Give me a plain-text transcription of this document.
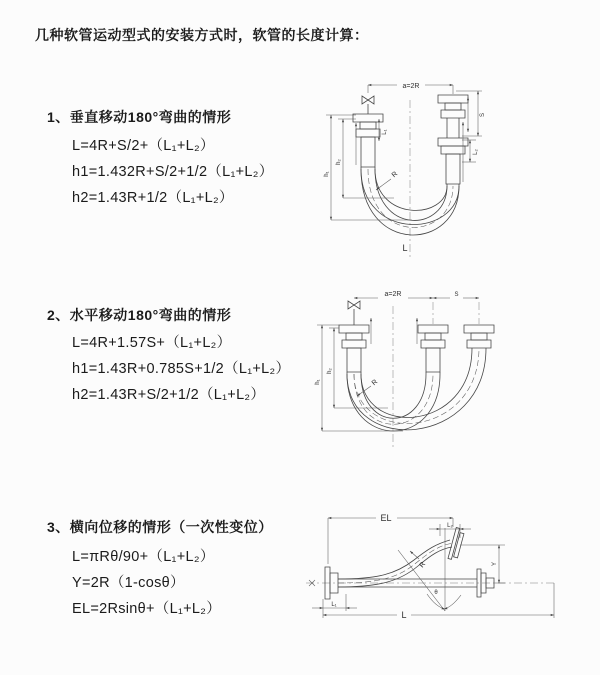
几种软管运动型式的安装方式时，软管的长度计算：
1、垂直移动180°弯曲的情形
L=4R+S/2+（L₁+L₂）
h1=1.432R+S/2+1/2（L₁+L₂）
h2=1.43R+1/2（L₁+L₂）
2、水平移动180°弯曲的情形
L=4R+1.57S+（L₁+L₂）
h1=1.43R+0.785S+1/2（L₁+L₂）
h2=1.43R+S/2+1/2（L₁+L₂）
3、横向位移的情形（一次性变位）
L=πRθ/90+（L₁+L₂）
Y=2R（1-cosθ）
EL=2Rsinθ+（L₁+L₂）
a=2R
L₁
S
L₂
h₁
h₂
R
L
a=2R	S
h₁
h₂
R
EL
L₂
θ
R	Y
L₁
L
